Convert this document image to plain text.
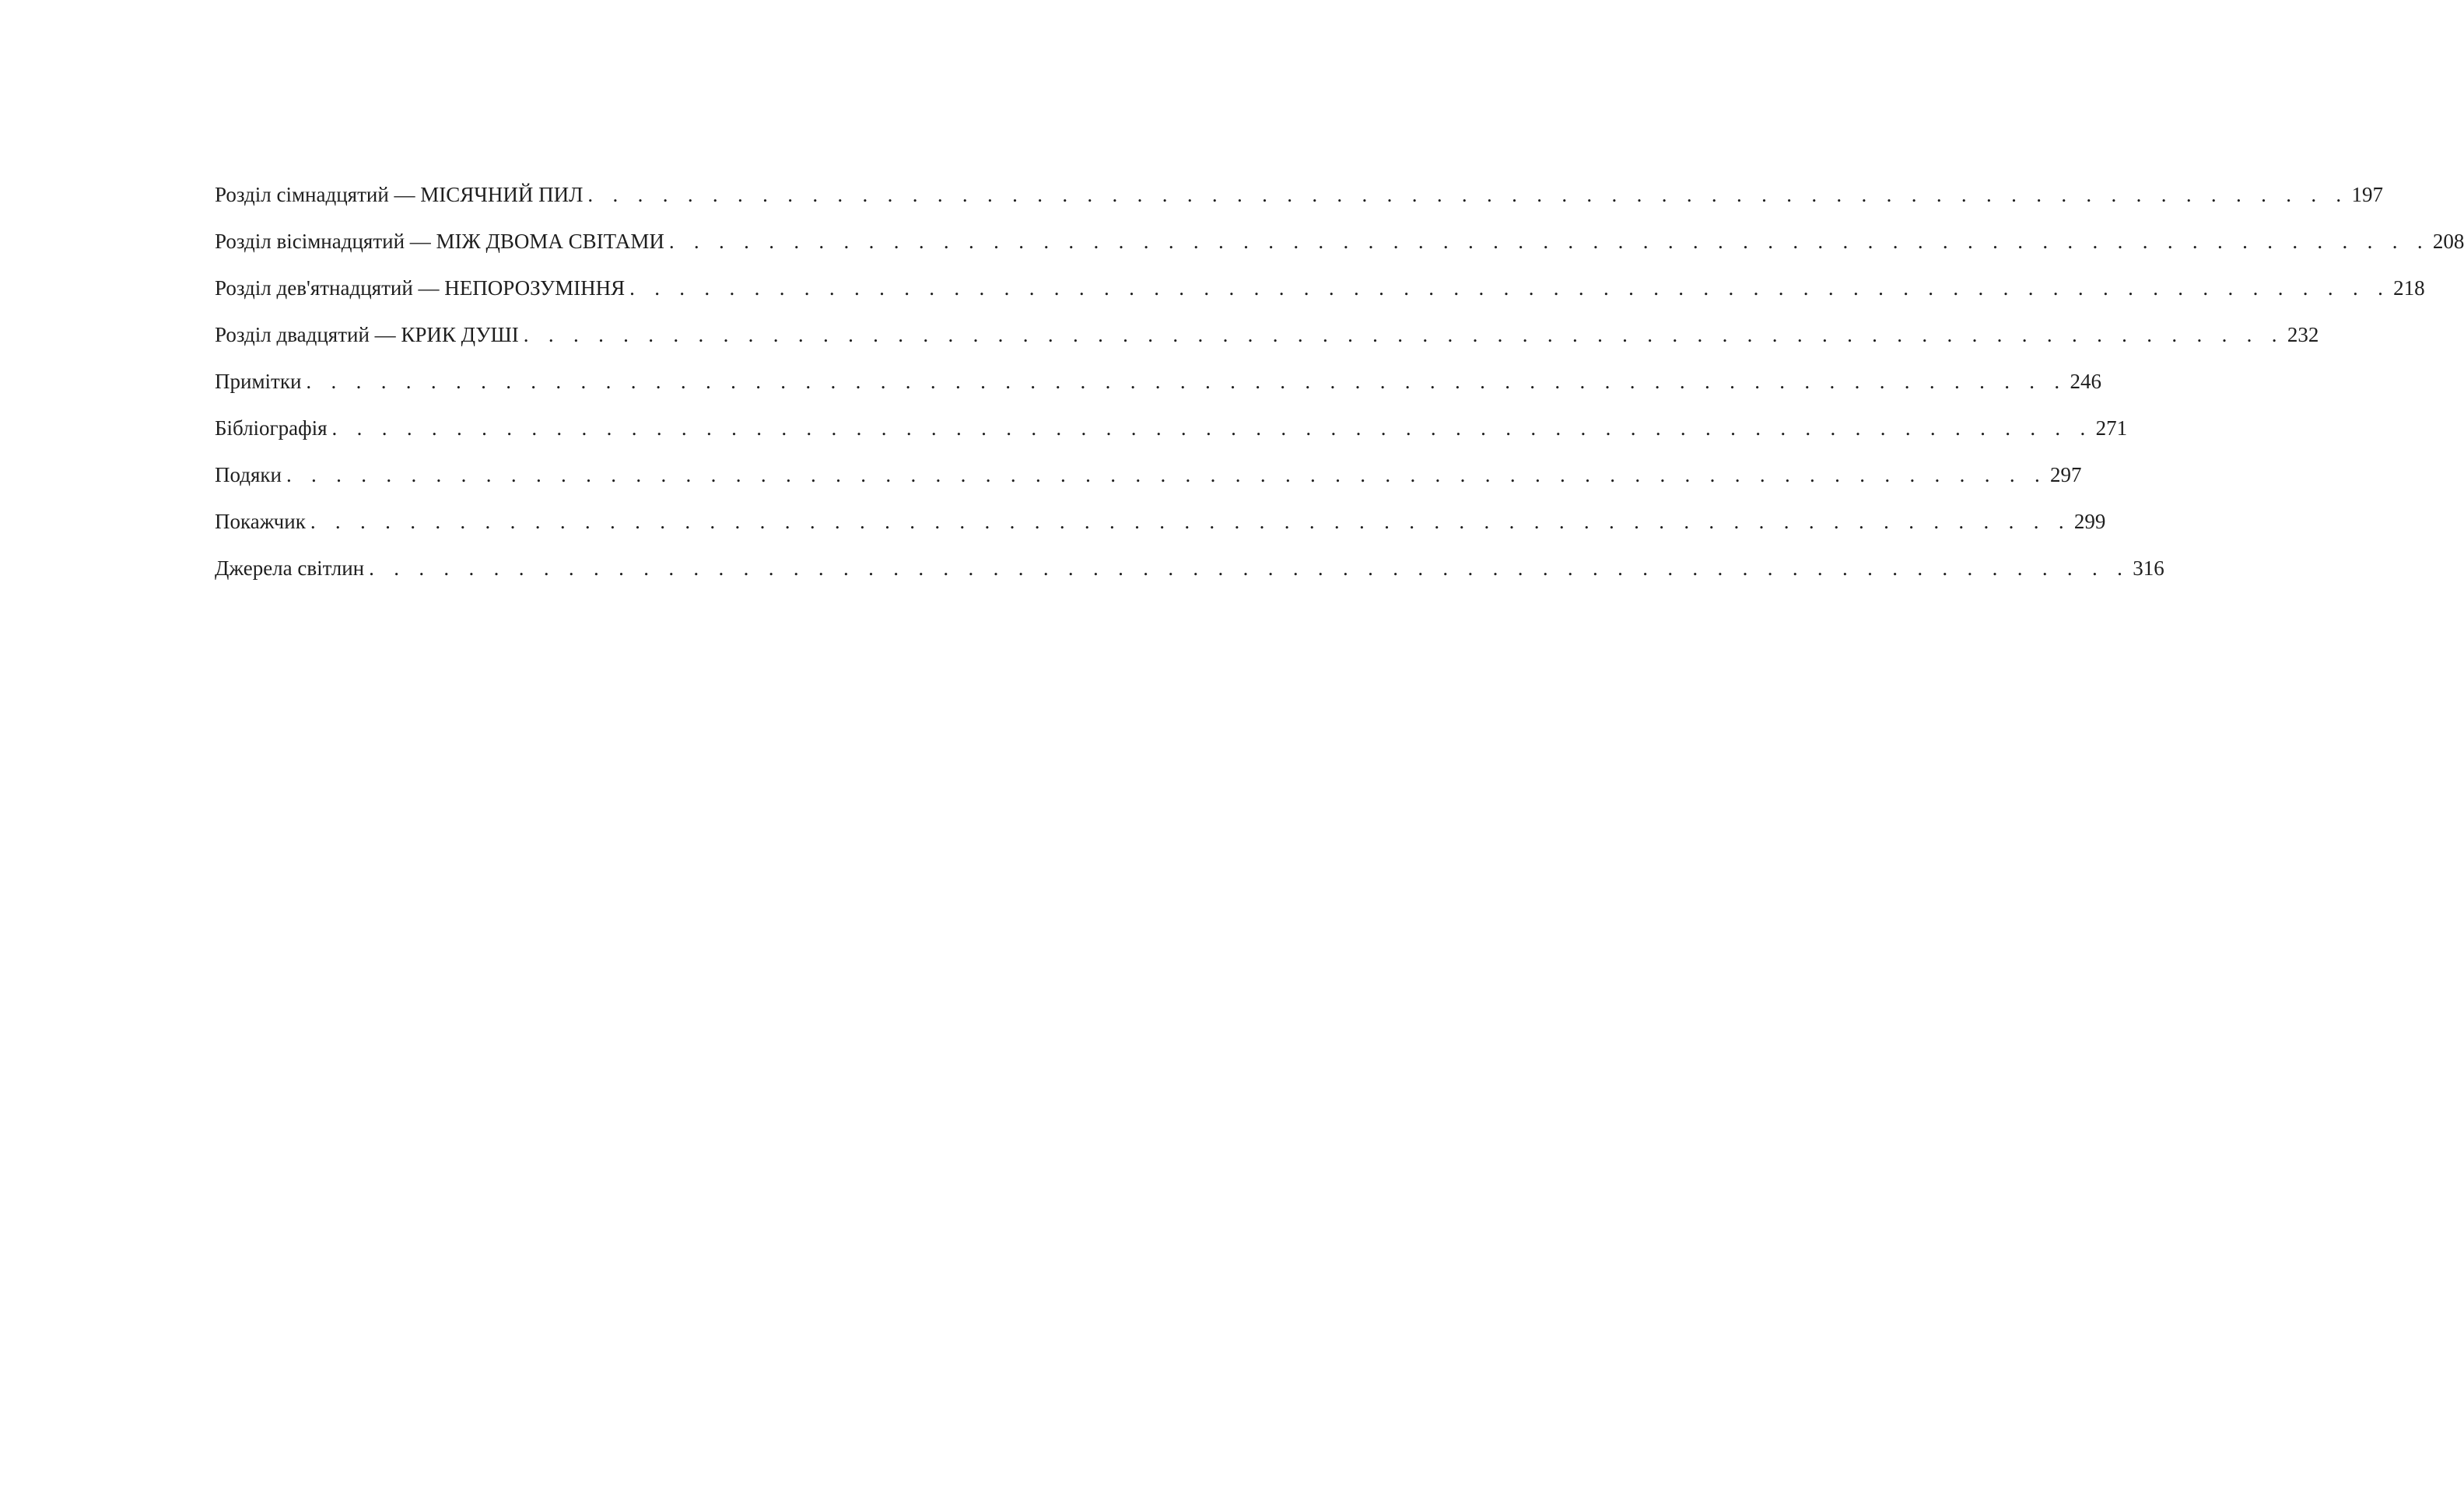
Розділ сімнадцятий — МІСЯЧНИЙ ПИЛ . . . . . . . . . . . . . . . . . . . . . . . . . . . . . . . . . . . . . . . . . . . . . . . . . . . . . . . . . . . . . . . . . . . . . . . 197
Розділ вісімнадцятий — МІЖ ДВОМА СВІТАМИ . . . . . . . . . . . . . . . . . . . . . . . . . . . . . . . . . . . . . . . . . . . . . . . . . . . . . . . . . . . . . . . . . . . . . . . 208
Розділ дев'ятнадцятий — НЕПОРОЗУМІННЯ . . . . . . . . . . . . . . . . . . . . . . . . . . . . . . . . . . . . . . . . . . . . . . . . . . . . . . . . . . . . . . . . . . . . . . . 218
Розділ двадцятий — КРИК ДУШІ . . . . . . . . . . . . . . . . . . . . . . . . . . . . . . . . . . . . . . . . . . . . . . . . . . . . . . . . . . . . . . . . . . . . . . . 232
Примітки . . . . . . . . . . . . . . . . . . . . . . . . . . . . . . . . . . . . . . . . . . . . . . . . . . . . . . . . . . . . . . . . . . . . . . . 246
Бібліографія . . . . . . . . . . . . . . . . . . . . . . . . . . . . . . . . . . . . . . . . . . . . . . . . . . . . . . . . . . . . . . . . . . . . . . . 271
Подяки . . . . . . . . . . . . . . . . . . . . . . . . . . . . . . . . . . . . . . . . . . . . . . . . . . . . . . . . . . . . . . . . . . . . . . . 297
Покажчик . . . . . . . . . . . . . . . . . . . . . . . . . . . . . . . . . . . . . . . . . . . . . . . . . . . . . . . . . . . . . . . . . . . . . . . 299
Джерела світлин . . . . . . . . . . . . . . . . . . . . . . . . . . . . . . . . . . . . . . . . . . . . . . . . . . . . . . . . . . . . . . . . . . . . . . . 316
